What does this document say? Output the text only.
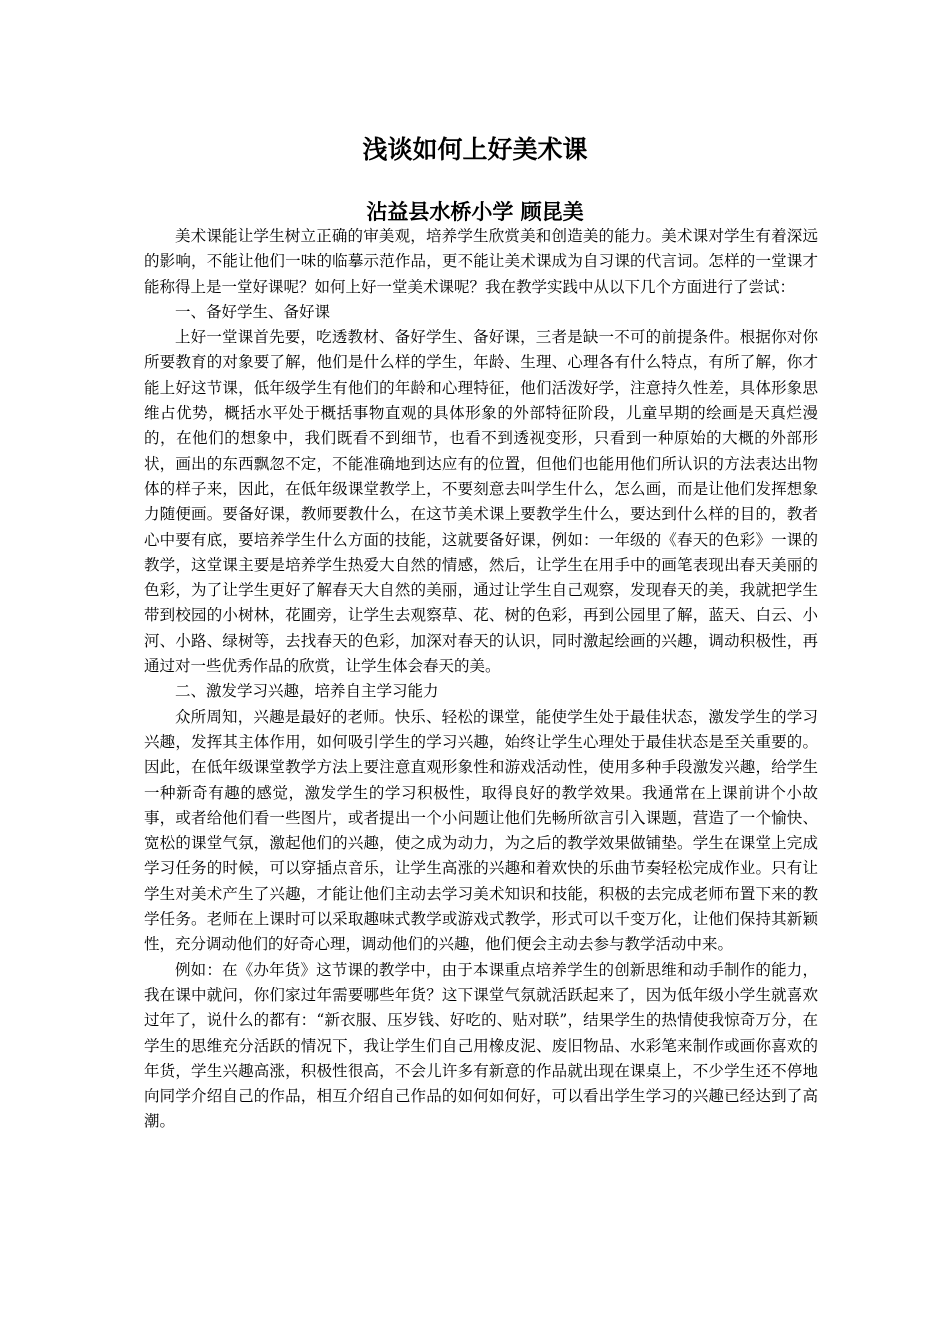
浅谈如何上好美术课
沾益县水桥小学 顾昆美

美术课能让学生树立正确的审美观，培养学生欣赏美和创造美的能力。美术课对学生有着深远的影响，不能让他们一味的临摹示范作品，更不能让美术课成为自习课的代言词。怎样的一堂课才能称得上是一堂好课呢？如何上好一堂美术课呢？我在教学实践中从以下几个方面进行了尝试：

一、备好学生、备好课

上好一堂课首先要，吃透教材、备好学生、备好课，三者是缺一不可的前提条件。根据你对你所要教育的对象要了解，他们是什么样的学生，年龄、生理、心理各有什么特点，有所了解，你才能上好这节课，低年级学生有他们的年龄和心理特征，他们活泼好学，注意持久性差，具体形象思维占优势，概括水平处于概括事物直观的具体形象的外部特征阶段，儿童早期的绘画是天真烂漫的，在他们的想象中，我们既看不到细节，也看不到透视变形，只看到一种原始的大概的外部形状，画出的东西飘忽不定，不能准确地到达应有的位置，但他们也能用他们所认识的方法表达出物体的样子来，因此，在低年级课堂教学上，不要刻意去叫学生什么，怎么画，而是让他们发挥想象力随便画。要备好课，教师要教什么，在这节美术课上要教学生什么，要达到什么样的目的，教者心中要有底，要培养学生什么方面的技能，这就要备好课，例如：一年级的《春天的色彩》一课的教学，这堂课主要是培养学生热爱大自然的情感，然后，让学生在用手中的画笔表现出春天美丽的色彩，为了让学生更好了解春天大自然的美丽，通过让学生自己观察，发现春天的美，我就把学生带到校园的小树林，花圃旁，让学生去观察草、花、树的色彩，再到公园里了解，蓝天、白云、小河、小路、绿树等，去找春天的色彩，加深对春天的认识，同时激起绘画的兴趣，调动积极性，再通过对一些优秀作品的欣赏，让学生体会春天的美。

二、激发学习兴趣，培养自主学习能力

众所周知，兴趣是最好的老师。快乐、轻松的课堂，能使学生处于最佳状态，激发学生的学习兴趣，发挥其主体作用，如何吸引学生的学习兴趣，始终让学生心理处于最佳状态是至关重要的。因此，在低年级课堂教学方法上要注意直观形象性和游戏活动性，使用多种手段激发兴趣，给学生一种新奇有趣的感觉，激发学生的学习积极性，取得良好的教学效果。我通常在上课前讲个小故事，或者给他们看一些图片，或者提出一个小问题让他们先畅所欲言引入课题，营造了一个愉快、宽松的课堂气氛，激起他们的兴趣，使之成为动力，为之后的教学效果做铺垫。学生在课堂上完成学习任务的时候，可以穿插点音乐，让学生高涨的兴趣和着欢快的乐曲节奏轻松完成作业。只有让学生对美术产生了兴趣，才能让他们主动去学习美术知识和技能，积极的去完成老师布置下来的教学任务。老师在上课时可以采取趣味式教学或游戏式教学，形式可以千变万化，让他们保持其新颖性，充分调动他们的好奇心理，调动他们的兴趣，他们便会主动去参与教学活动中来。

例如：在《办年货》这节课的教学中，由于本课重点培养学生的创新思维和动手制作的能力，我在课中就问，你们家过年需要哪些年货？这下课堂气氛就活跃起来了，因为低年级小学生就喜欢过年了，说什么的都有：“新衣服、压岁钱、好吃的、贴对联”，结果学生的热情使我惊奇万分，在学生的思维充分活跃的情况下，我让学生们自己用橡皮泥、废旧物品、水彩笔来制作或画你喜欢的年货，学生兴趣高涨，积极性很高，不会儿许多有新意的作品就出现在课桌上，不少学生还不停地向同学介绍自己的作品，相互介绍自己作品的如何如何好，可以看出学生学习的兴趣已经达到了高潮。
